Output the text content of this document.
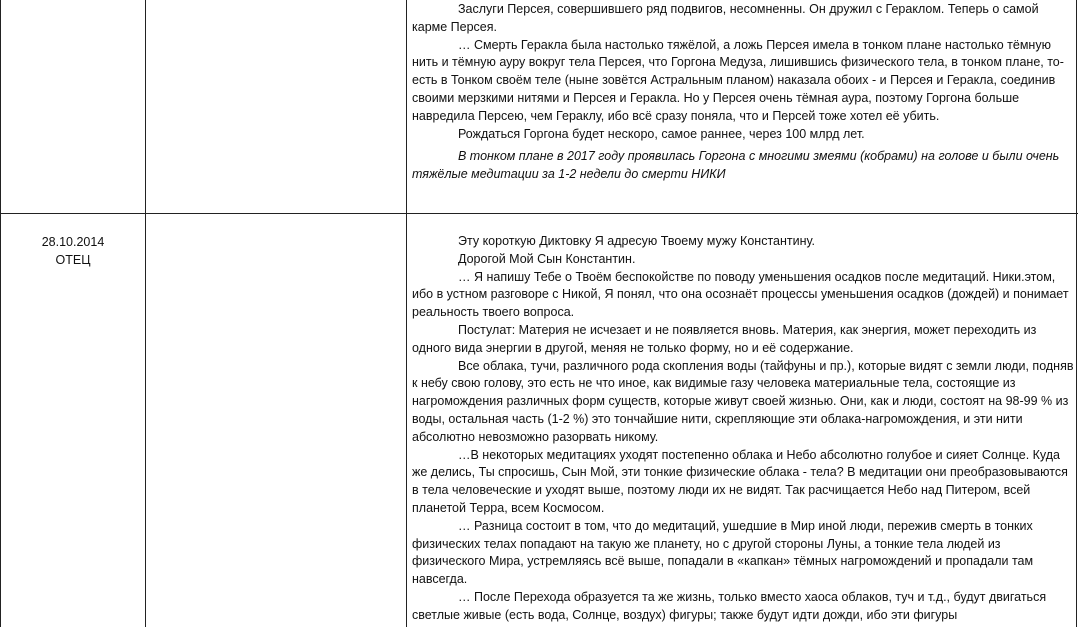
28.10.2014
ОТЕЦ

Заслуги Персея, совершившего ряд подвигов, несомненны. Он дружил с Гераклом. Теперь о самой карме Персея.

… Смерть Геракла была настолько тяжёлой, а ложь Персея имела в тонком плане настолько тёмную нить и тёмную ауру вокруг тела Персея, что Горгона Медуза, лишившись физического тела, в тонком плане, то-есть в Тонком своём теле (ныне зовётся Астральным планом) наказала обоих - и Персея и Геракла, соединив своими мерзкими нитями и Персея и Геракла. Но у Персея очень тёмная аура, поэтому Горгона больше навредила Персею, чем Гераклу, ибо всё сразу поняла, что и Персей тоже хотел её убить.

Рождаться Горгона будет нескоро, самое раннее, через 100 млрд лет.

В тонком плане в 2017 году проявилась Горгона с многими змеями (кобрами) на голове и были очень тяжёлые медитации за 1-2 недели до смерти НИКИ

Эту короткую Диктовку Я адресую Твоему мужу Константину.

Дорогой Мой Сын Константин.

… Я напишу Тебе о Твоём беспокойстве по поводу уменьшения осадков после медитаций. Ники.этом, ибо в устном разговоре с Никой, Я понял, что она осознаёт процессы уменьшения осадков (дождей) и понимает реальность твоего вопроса.

Постулат: Материя не исчезает и не появляется вновь. Материя, как энергия, может переходить из одного вида энергии в другой, меняя не только форму, но и её содержание.

Все облака, тучи, различного рода скопления воды (тайфуны и пр.), которые видят с земли люди, подняв к небу свою голову, это есть не что иное, как видимые газу человека материальные тела, состоящие из нагромождения различных форм существ, которые живут своей жизнью. Они, как и люди, состоят на 98-99 % из воды, остальная часть (1-2 %) это тончайшие нити, скрепляющие эти облака-нагромождения, и эти нити абсолютно невозможно разорвать никому.

…В некоторых медитациях уходят постепенно облака и Небо абсолютно голубое и сияет Солнце. Куда же делись, Ты спросишь, Сын Мой, эти тонкие физические облака - тела? В медитации они преобразовываются в тела человеческие и уходят выше, поэтому люди их не видят. Так расчищается Небо над Питером, всей планетой Терра, всем Космосом.

… Разница состоит в том, что до медитаций, ушедшие в Мир иной люди, пережив смерть в тонких физических телах попадают на такую же планету, но с другой стороны Луны, а тонкие тела людей из физического Мира, устремляясь всё выше, попадали в «капкан» тёмных нагромождений и пропадали там навсегда.

… После Перехода образуется та же жизнь, только вместо хаоса облаков, туч и т.д., будут двигаться светлые живые (есть вода, Солнце, воздух) фигуры; также будут идти дожди, ибо эти фигуры
